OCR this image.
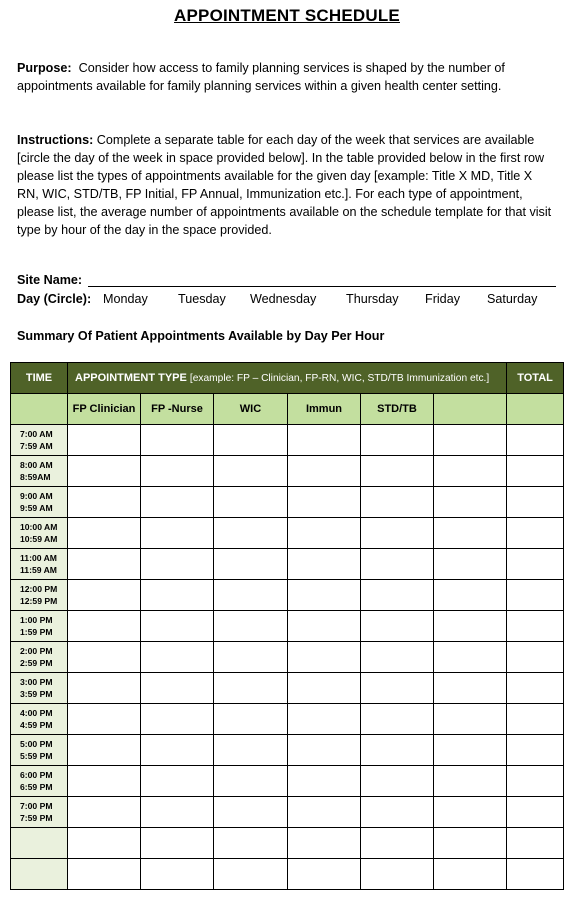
APPOINTMENT SCHEDULE
Purpose: Consider how access to family planning services is shaped by the number of appointments available for family planning services within a given health center setting.
Instructions: Complete a separate table for each day of the week that services are available [circle the day of the week in space provided below]. In the table provided below in the first row please list the types of appointments available for the given day [example: Title X MD, Title X RN, WIC, STD/TB, FP Initial, FP Annual, Immunization etc.]. For each type of appointment, please list, the average number of appointments available on the schedule template for that visit type by hour of the day in the space provided.
Site Name:
Day (Circle): Monday Tuesday Wednesday Thursday Friday Saturday
Summary Of Patient Appointments Available by Day Per Hour
TIME	APPOINTMENT TYPE [example: FP – Clinician, FP-RN, WIC, STD/TB Immunization etc.]						TOTAL
	FP Clinician	FP -Nurse	WIC	Immun	STD/TB		

7:00 AM
7:59 AM							

8:00 AM
8:59AM							

9:00 AM
9:59 AM							

10:00 AM
10:59 AM							

11:00 AM
11:59 AM							

12:00 PM
12:59 PM							

1:00 PM
1:59 PM							

2:00 PM
2:59 PM							

3:00 PM
3:59 PM							

4:00 PM
4:59 PM							

5:00 PM
5:59 PM							

6:00 PM
6:59 PM							

7:00 PM
7:59 PM							
